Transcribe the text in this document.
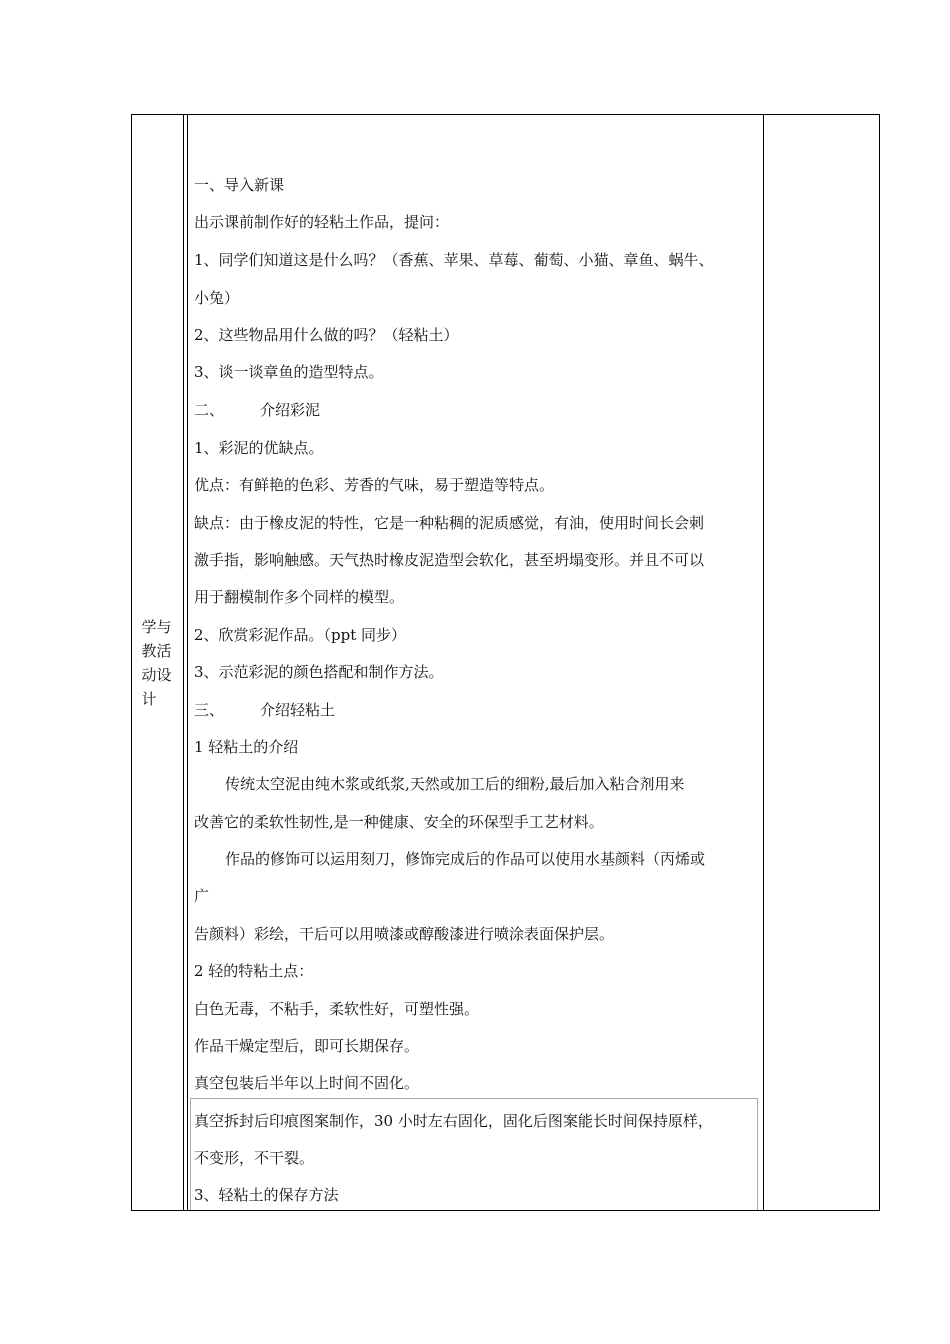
学与教活动设计
一、导入新课
出示课前制作好的轻粘土作品，提问：
1、同学们知道这是什么吗？（香蕉、苹果、草莓、葡萄、小猫、章鱼、蜗牛、
小兔）
2、这些物品用什么做的吗？（轻粘土）
3、谈一谈章鱼的造型特点。
二、 介绍彩泥
1、彩泥的优缺点。
优点：有鲜艳的色彩、芳香的气味，易于塑造等特点。
缺点：由于橡皮泥的特性，它是一种粘稠的泥质感觉，有油，使用时间长会刺
激手指，影响触感。天气热时橡皮泥造型会软化，甚至坍塌变形。并且不可以
用于翻模制作多个同样的模型。
2、欣赏彩泥作品。（ppt 同步）
3、示范彩泥的颜色搭配和制作方法。
三、 介绍轻粘土
1 轻粘土的介绍
传统太空泥由纯木浆或纸浆,天然或加工后的细粉,最后加入粘合剂用来
改善它的柔软性韧性,是一种健康、安全的环保型手工艺材料。
作品的修饰可以运用刻刀，修饰完成后的作品可以使用水基颜料（丙烯或
广
告颜料）彩绘，干后可以用喷漆或醇酸漆进行喷涂表面保护层。
2 轻的特粘土点：
白色无毒，不粘手，柔软性好，可塑性强。
作品干燥定型后，即可长期保存。
真空包装后半年以上时间不固化。
真空拆封后印痕图案制作，30 小时左右固化，固化后图案能长时间保持原样，
不变形，不干裂。
3、轻粘土的保存方法
